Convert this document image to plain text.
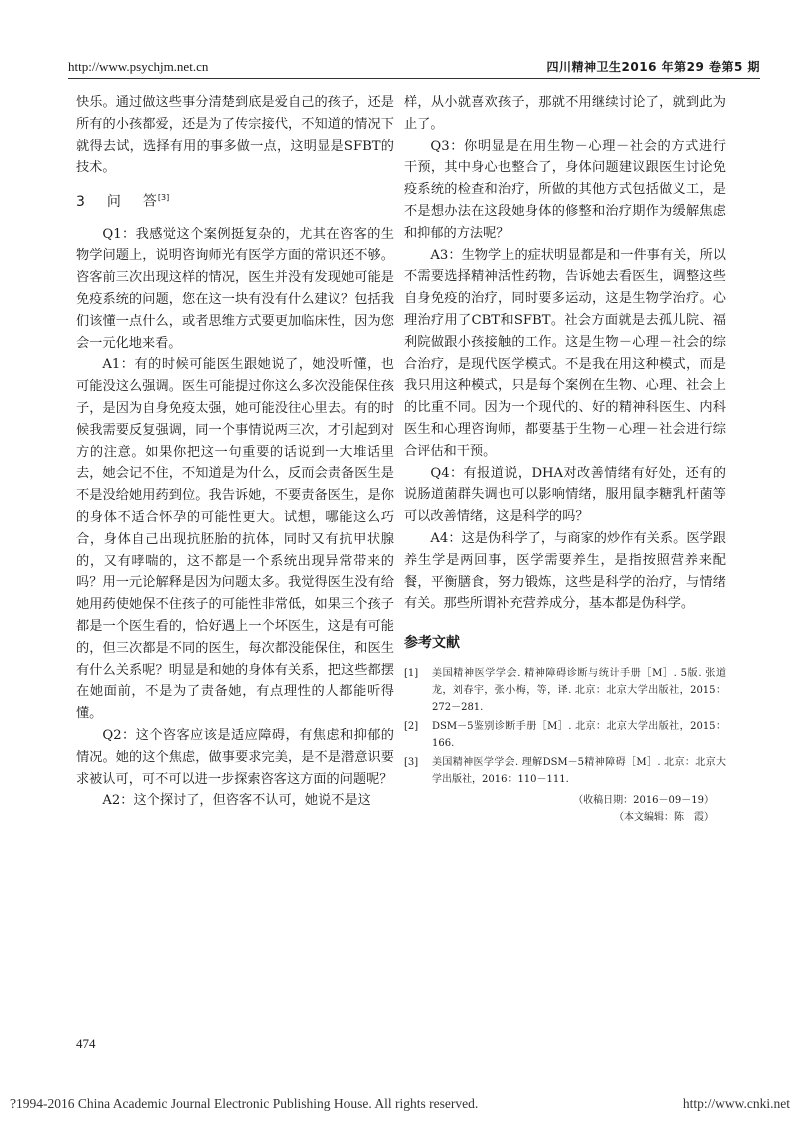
http://www.psychjm.net.cn	四川精神卫生2016 年第29 卷第5 期

快乐。通过做这些事分清楚到底是爱自己的孩子，还是所有的小孩都爱，还是为了传宗接代，不知道的情况下就得去试，选择有用的事多做一点，这明显是SFBT的技术。

3 问 答[3]

Q1：我感觉这个案例挺复杂的，尤其在咨客的生物学问题上，说明咨询师光有医学方面的常识还不够。咨客前三次出现这样的情况，医生并没有发现她可能是免疫系统的问题，您在这一块有没有什么建议？包括我们该懂一点什么，或者思维方式要更加临床性，因为您会一元化地来看。

A1：有的时候可能医生跟她说了，她没听懂，也可能没这么强调。医生可能提过你这么多次没能保住孩子，是因为自身免疫太强，她可能没往心里去。有的时候我需要反复强调，同一个事情说两三次，才引起到对方的注意。如果你把这一句重要的话说到一大堆话里去，她会记不住，不知道是为什么，反而会责备医生是不是没给她用药到位。我告诉她，不要责备医生，是你的身体不适合怀孕的可能性更大。试想，哪能这么巧合，身体自己出现抗胚胎的抗体，同时又有抗甲状腺的，又有哮喘的，这不都是一个系统出现异常带来的吗？用一元论解释是因为问题太多。我觉得医生没有给她用药使她保不住孩子的可能性非常低，如果三个孩子都是一个医生看的，恰好遇上一个坏医生，这是有可能的，但三次都是不同的医生，每次都没能保住，和医生有什么关系呢？明显是和她的身体有关系，把这些都摆在她面前，不是为了责备她，有点理性的人都能听得懂。

Q2：这个咨客应该是适应障碍，有焦虑和抑郁的情况。她的这个焦虑，做事要求完美，是不是潜意识要求被认可，可不可以进一步探索咨客这方面的问题呢？

A2：这个探讨了，但咨客不认可，她说不是这

样，从小就喜欢孩子，那就不用继续讨论了，就到此为止了。

Q3：你明显是在用生物－心理－社会的方式进行干预，其中身心也整合了，身体问题建议跟医生讨论免疫系统的检查和治疗，所做的其他方式包括做义工，是不是想办法在这段她身体的修整和治疗期作为缓解焦虑和抑郁的方法呢？

A3：生物学上的症状明显都是和一件事有关，所以不需要选择精神活性药物，告诉她去看医生，调整这些自身免疫的治疗，同时要多运动，这是生物学治疗。心理治疗用了CBT和SFBT。社会方面就是去孤儿院、福利院做跟小孩接触的工作。这是生物－心理－社会的综合治疗，是现代医学模式。不是我在用这种模式，而是我只用这种模式，只是每个案例在生物、心理、社会上的比重不同。因为一个现代的、好的精神科医生、内科医生和心理咨询师，都要基于生物－心理－社会进行综合评估和干预。

Q4：有报道说，DHA对改善情绪有好处，还有的说肠道菌群失调也可以影响情绪，服用鼠李糖乳杆菌等可以改善情绪，这是科学的吗？

A4：这是伪科学了，与商家的炒作有关系。医学跟养生学是两回事，医学需要养生，是指按照营养来配餐，平衡膳食，努力锻炼，这些是科学的治疗，与情绪有关。那些所谓补充营养成分，基本都是伪科学。

参考文献
[1]	美国精神医学学会. 精神障碍诊断与统计手册［M］. 5版. 张道龙，刘春宇，张小梅，等，译. 北京：北京大学出版社，2015：272－281.
[2]	DSM－5鉴别诊断手册［M］. 北京：北京大学出版社，2015：166.
[3]	美国精神医学学会. 理解DSM－5精神障碍［M］. 北京：北京大学出版社，2016：110－111.
（收稿日期：2016－09－19）
（本文编辑：陈　霞）
474
?1994-2016 China Academic Journal Electronic Publishing House. All rights reserved.	http://www.cnki.net
